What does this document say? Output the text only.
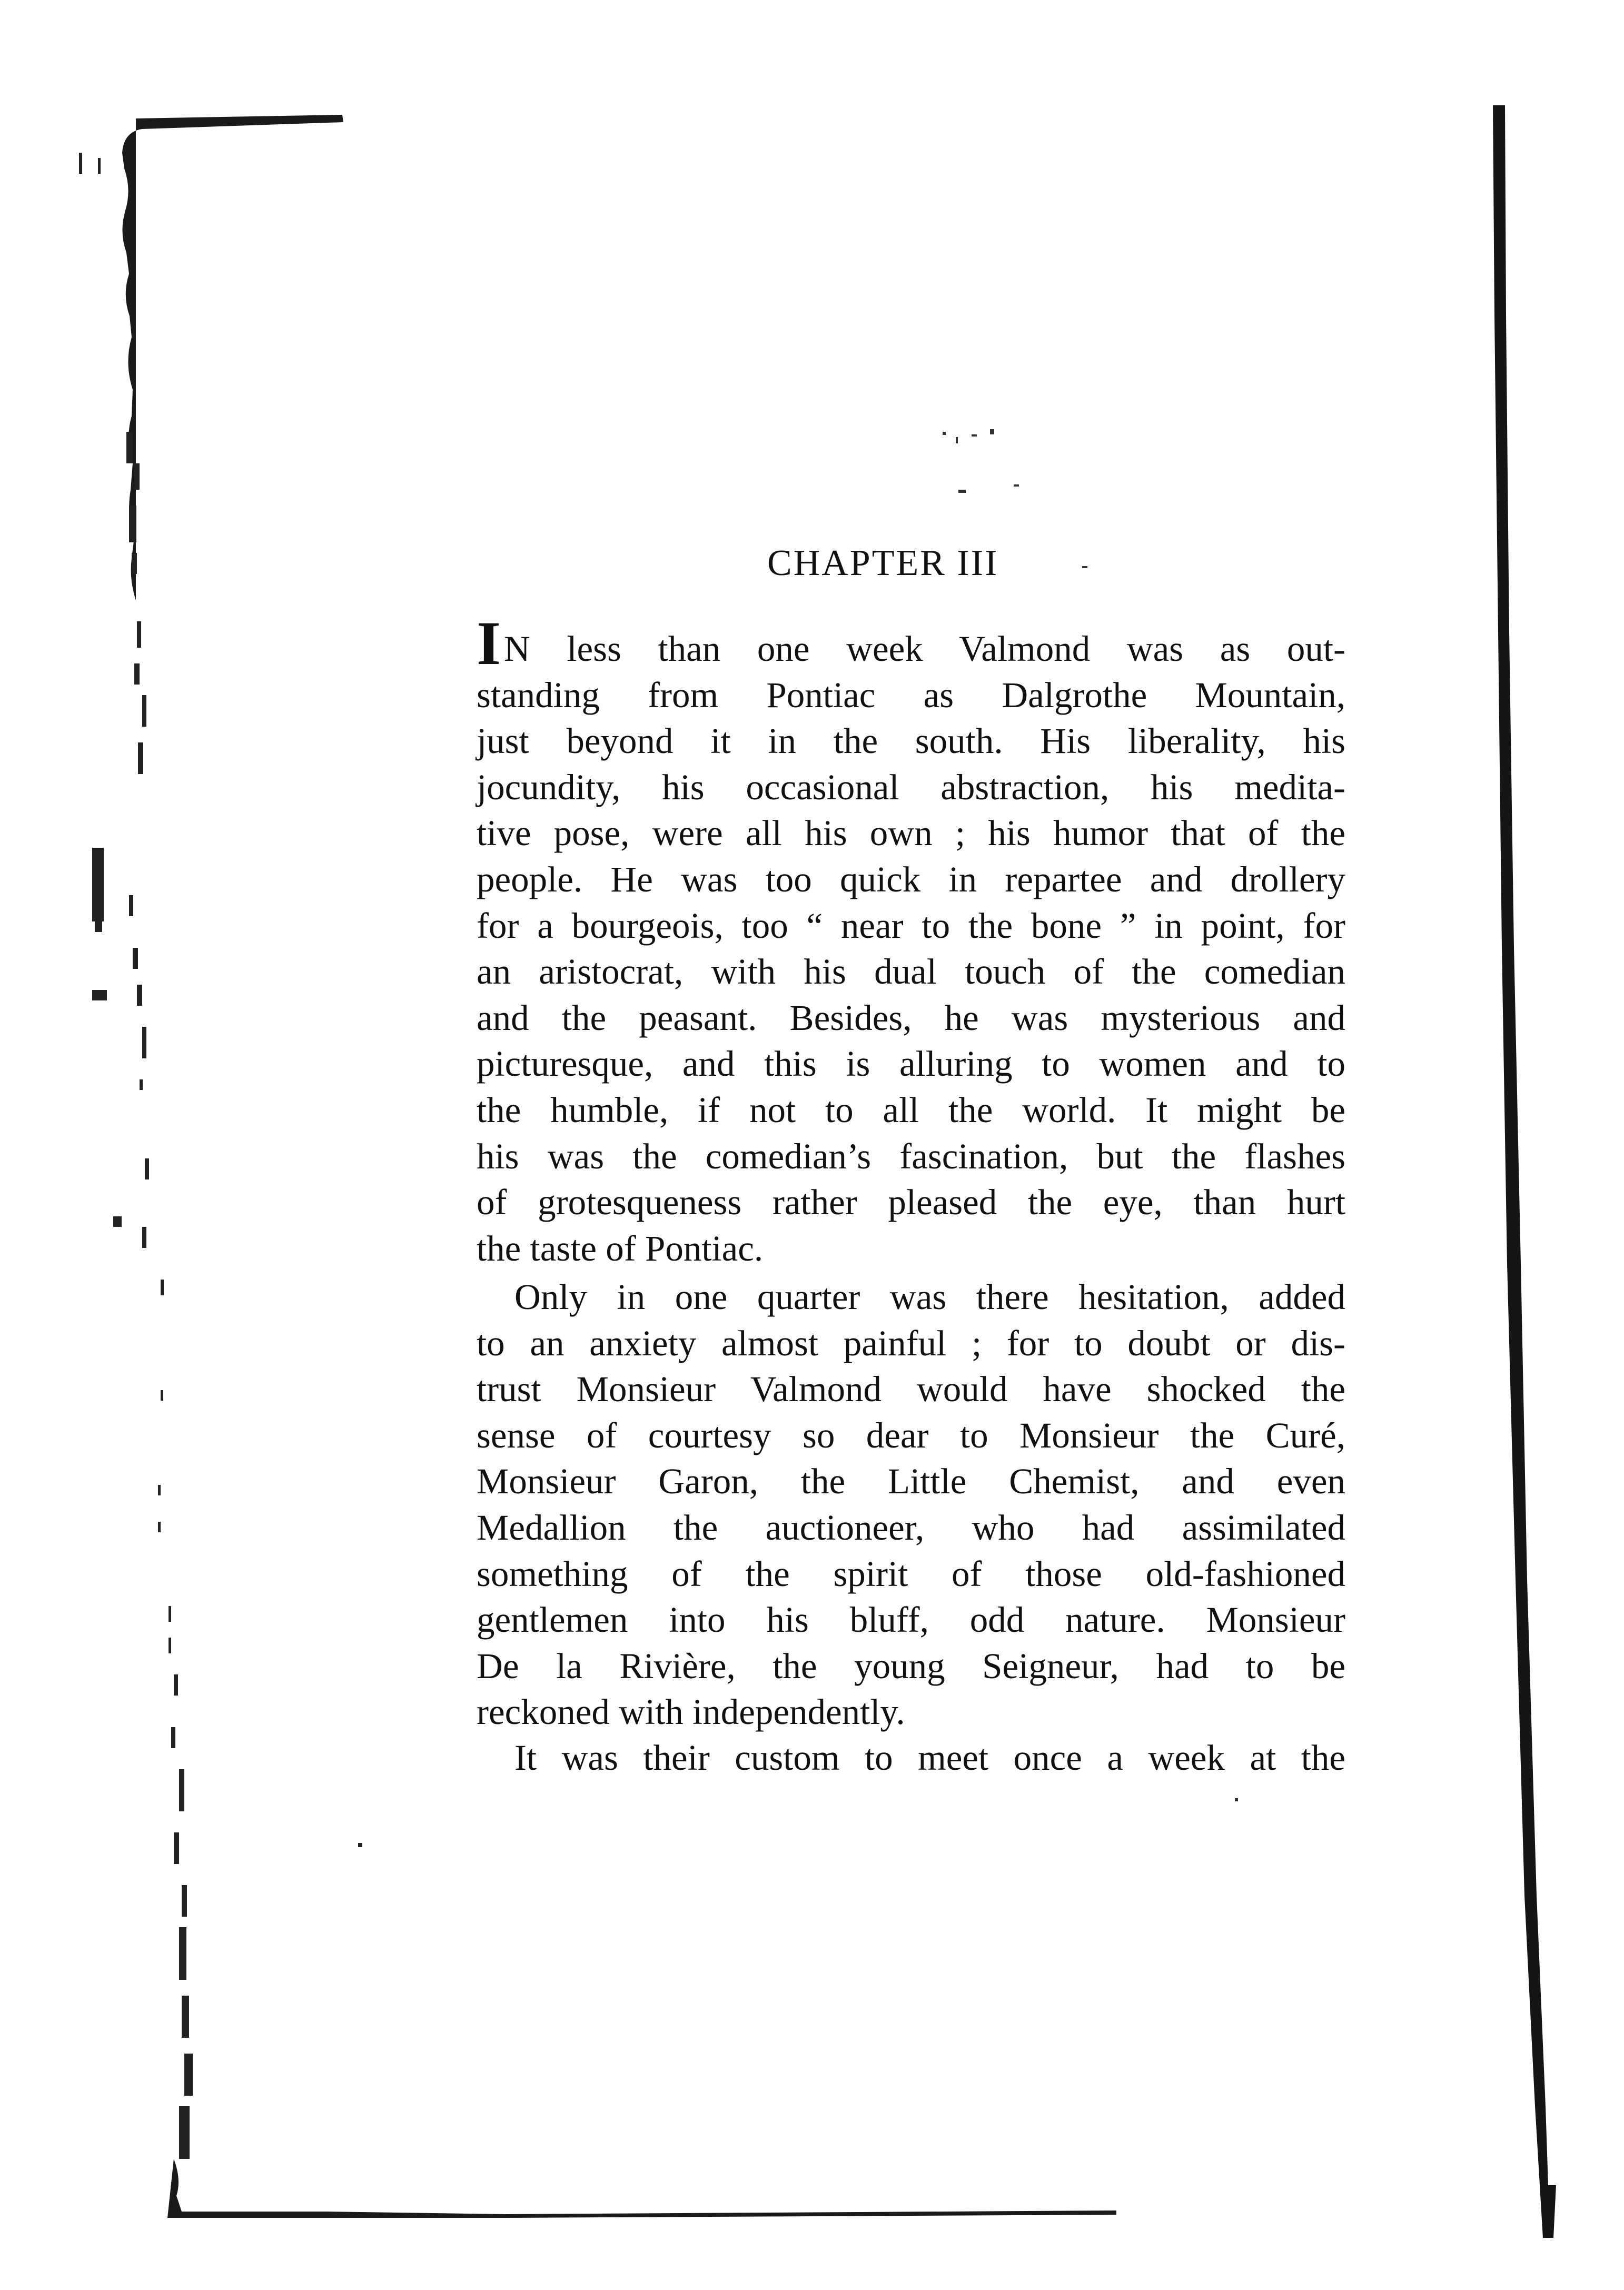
CHAPTER III
IN less than one week Valmond was as out-
standing from Pontiac as Dalgrothe Mountain,
just beyond it in the south. His liberality, his
jocundity, his occasional abstraction, his medita-
tive pose, were all his own ; his humor that of the
people. He was too quick in repartee and drollery
for a bourgeois, too “ near to the bone ” in point, for
an aristocrat, with his dual touch of the comedian
and the peasant. Besides, he was mysterious and
picturesque, and this is alluring to women and to
the humble, if not to all the world. It might be
his was the comedian’s fascination, but the flashes
of grotesqueness rather pleased the eye, than hurt
the taste of Pontiac.
Only in one quarter was there hesitation, added
to an anxiety almost painful ; for to doubt or dis-
trust Monsieur Valmond would have shocked the
sense of courtesy so dear to Monsieur the Curé,
Monsieur Garon, the Little Chemist, and even
Medallion the auctioneer, who had assimilated
something of the spirit of those old-fashioned
gentlemen into his bluff, odd nature. Monsieur
De la Rivière, the young Seigneur, had to be
reckoned with independently.
It was their custom to meet once a week at the
